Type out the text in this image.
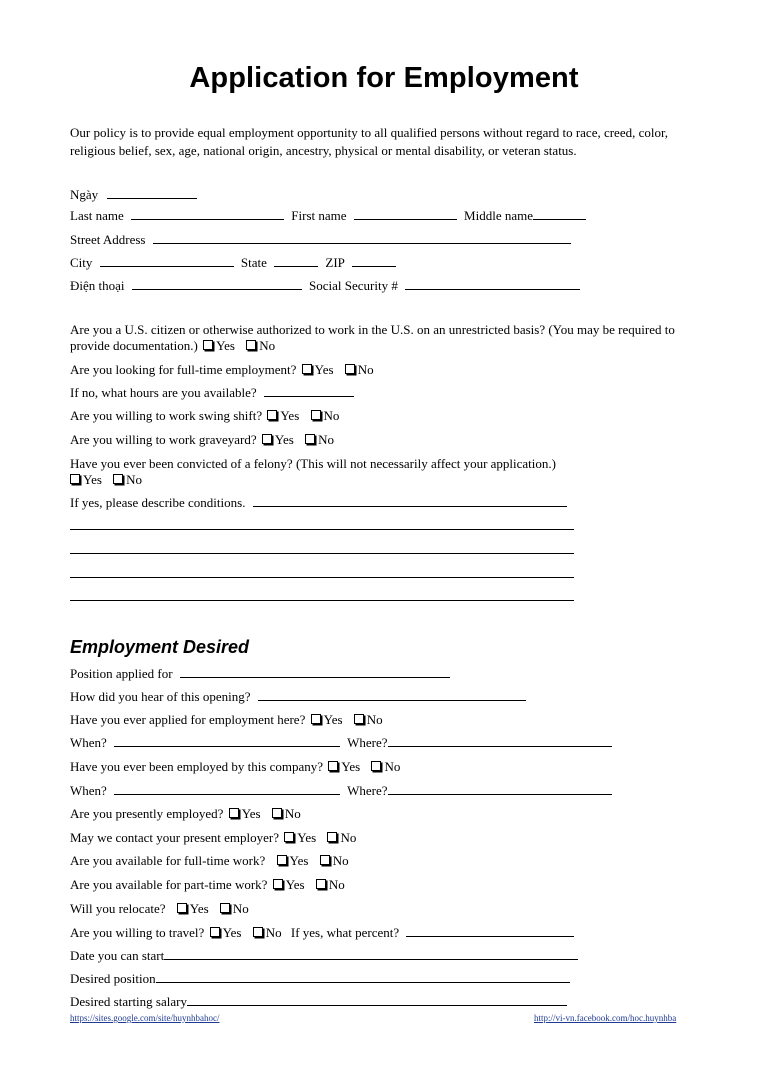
Application for Employment
Our policy is to provide equal employment opportunity to all qualified persons without regard to race, creed, color,
religious belief, sex, age, national origin, ancestry, physical or mental disability, or veteran status.
Ngày
Last name	First name	Middle name
Street Address
City	State	ZIP
Điện thoại	Social Security #
Are you a U.S. citizen or otherwise authorized to work in the U.S. on an unrestricted basis? (You may be required to
provide documentation.) Yes No
Are you looking for full-time employment? Yes No
If no, what hours are you available?
Are you willing to work swing shift? Yes No
Are you willing to work graveyard? Yes No
Have you ever been convicted of a felony? (This will not necessarily affect your application.)
Yes No
If yes, please describe conditions.
Employment Desired
Position applied for
How did you hear of this opening?
Have you ever applied for employment here? Yes No
When?	Where?
Have you ever been employed by this company? Yes No
When?	Where?
Are you presently employed? Yes No
May we contact your present employer? Yes No
Are you available for full-time work? Yes No
Are you available for part-time work? Yes No
Will you relocate? Yes No
Are you willing to travel? Yes No If yes, what percent?
Date you can start
Desired position
Desired starting salary
https://sites.google.com/site/huynhbahoc/	http://vi-vn.facebook.com/hoc.huynhba
